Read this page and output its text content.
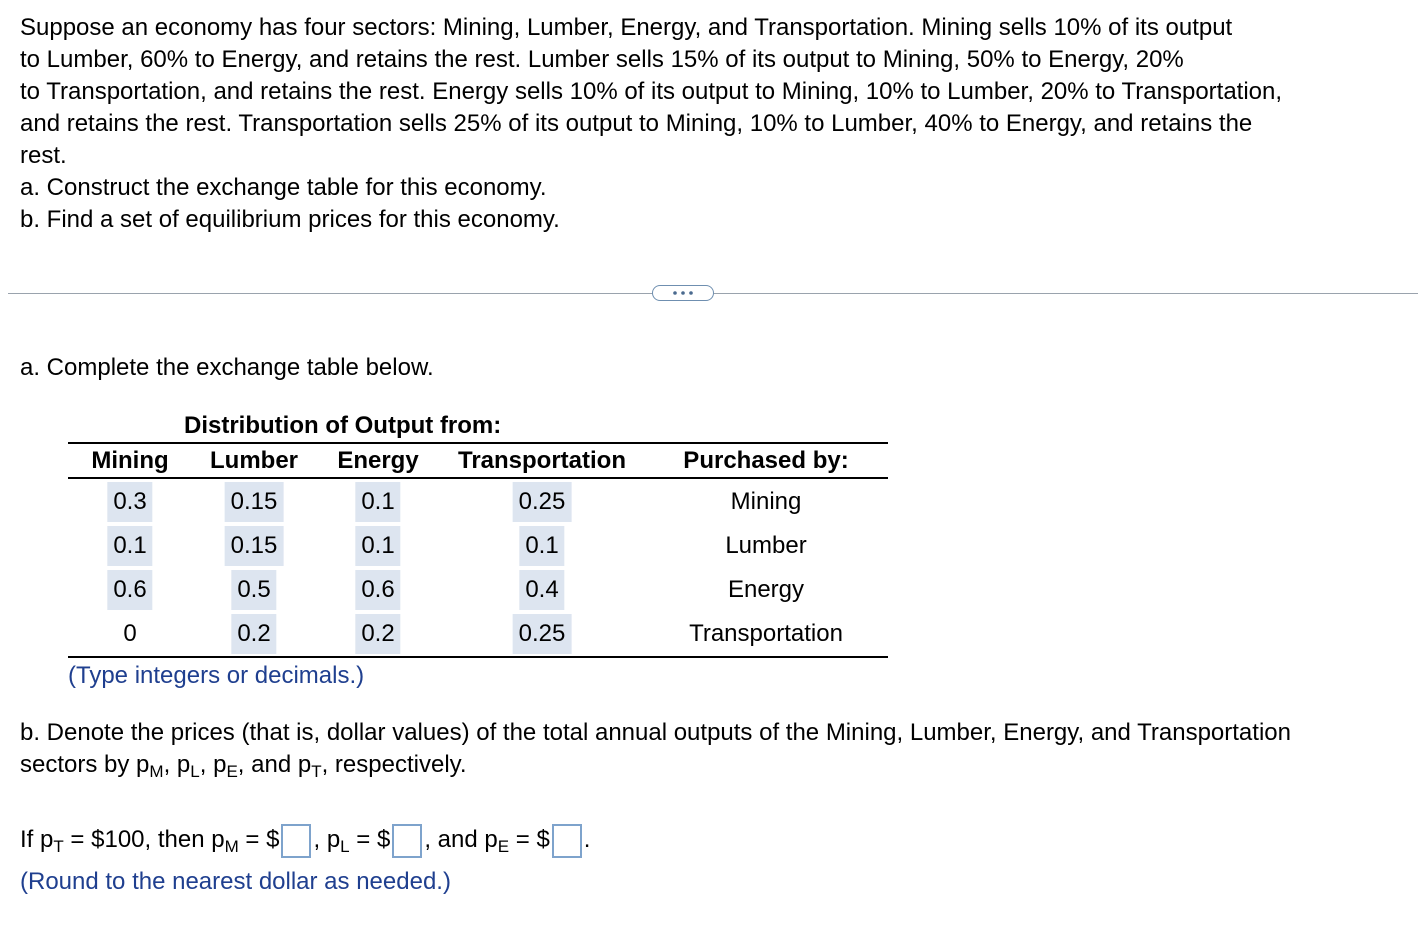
Suppose an economy has four sectors: Mining, Lumber, Energy, and Transportation. Mining sells 10% of its output

to Lumber, 60% to Energy, and retains the rest. Lumber sells 15% of its output to Mining, 50% to Energy, 20%

to Transportation, and retains the rest. Energy sells 10% of its output to Mining, 10% to Lumber, 20% to Transportation,

and retains the rest. Transportation sells 25% of its output to Mining, 10% to Lumber, 40% to Energy, and retains the

rest.

a. Construct the exchange table for this economy.

b. Find a set of equilibrium prices for this economy.

a. Complete the exchange table below.
Distribution of Output from:
Mining Lumber Energy Transportation Purchased by:
0.3	0.15	0.1	0.25	Mining
0.1	0.15	0.1	0.1	Lumber
0.6	0.5	0.6	0.4	Energy
0	0.2	0.2	0.25	Transportation
(Type integers or decimals.)

b. Denote the prices (that is, dollar values) of the total annual outputs of the Mining, Lumber, Energy, and Transportation

sectors by $p_M$, $p_L$, $p_E$, and $p_T$, respectively.

If $p_T$ = $100, then $p_M$ = $ , $p_L$ = $ , and $p_E$ = $ .
(Round to the nearest dollar as needed.)
